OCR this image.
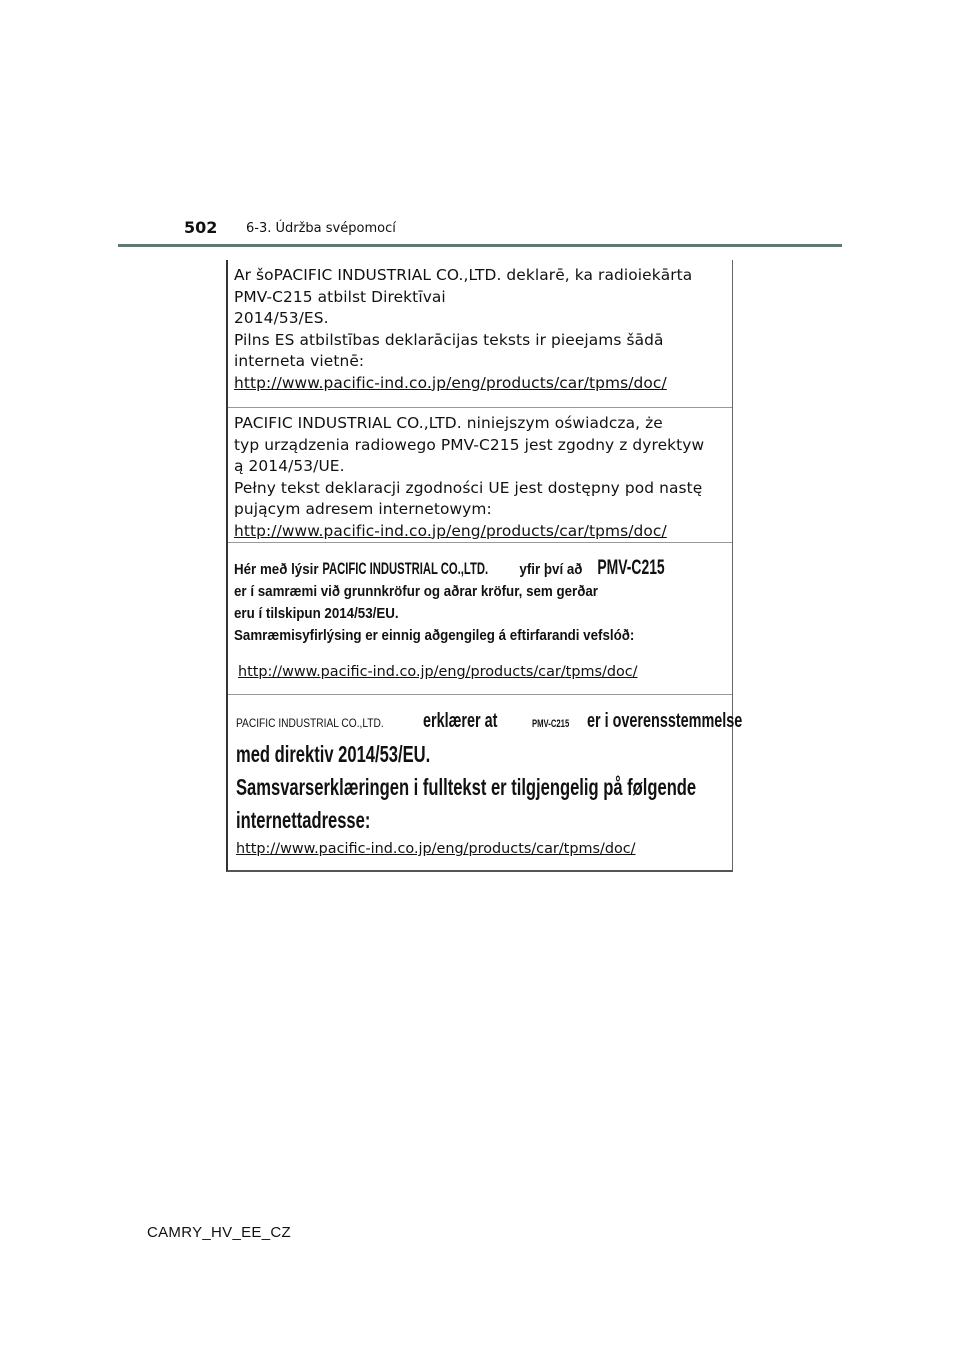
502 6-3. Údržba svépomocí

Ar šoPACIFIC INDUSTRIAL CO.,LTD. deklarē, ka radioiekārta

PMV-C215 atbilst Direktīvai

2014/53/ES.

Pilns ES atbilstības deklarācijas teksts ir pieejams šādā

interneta vietnē:

http://www.pacific-ind.co.jp/eng/products/car/tpms/doc/

PACIFIC INDUSTRIAL CO.,LTD. niniejszym oświadcza, że

typ urządzenia radiowego PMV-C215 jest zgodny z dyrektyw

ą 2014/53/UE.

Pełny tekst deklaracji zgodności UE jest dostępny pod nastę

pującym adresem internetowym:

http://www.pacific-ind.co.jp/eng/products/car/tpms/doc/

Hér með lýsir PACIFIC INDUSTRIAL CO.,LTD. yfir því að PMV-C215

er í samræmi við grunnkröfur og aðrar kröfur, sem gerðar

eru í tilskipun 2014/53/EU.

Samræmisyfirlýsing er einnig aðgengileg á eftirfarandi vefslóð:

http://www.pacific-ind.co.jp/eng/products/car/tpms/doc/

PACIFIC INDUSTRIAL CO.,LTD. erklærer at	PMV-C215 er i overensstemmelse

med direktiv 2014/53/EU.

Samsvarserklæringen i fulltekst er tilgjengelig på følgende

internettadresse:

http://www.pacific-ind.co.jp/eng/products/car/tpms/doc/

CAMRY_HV_EE_CZ
